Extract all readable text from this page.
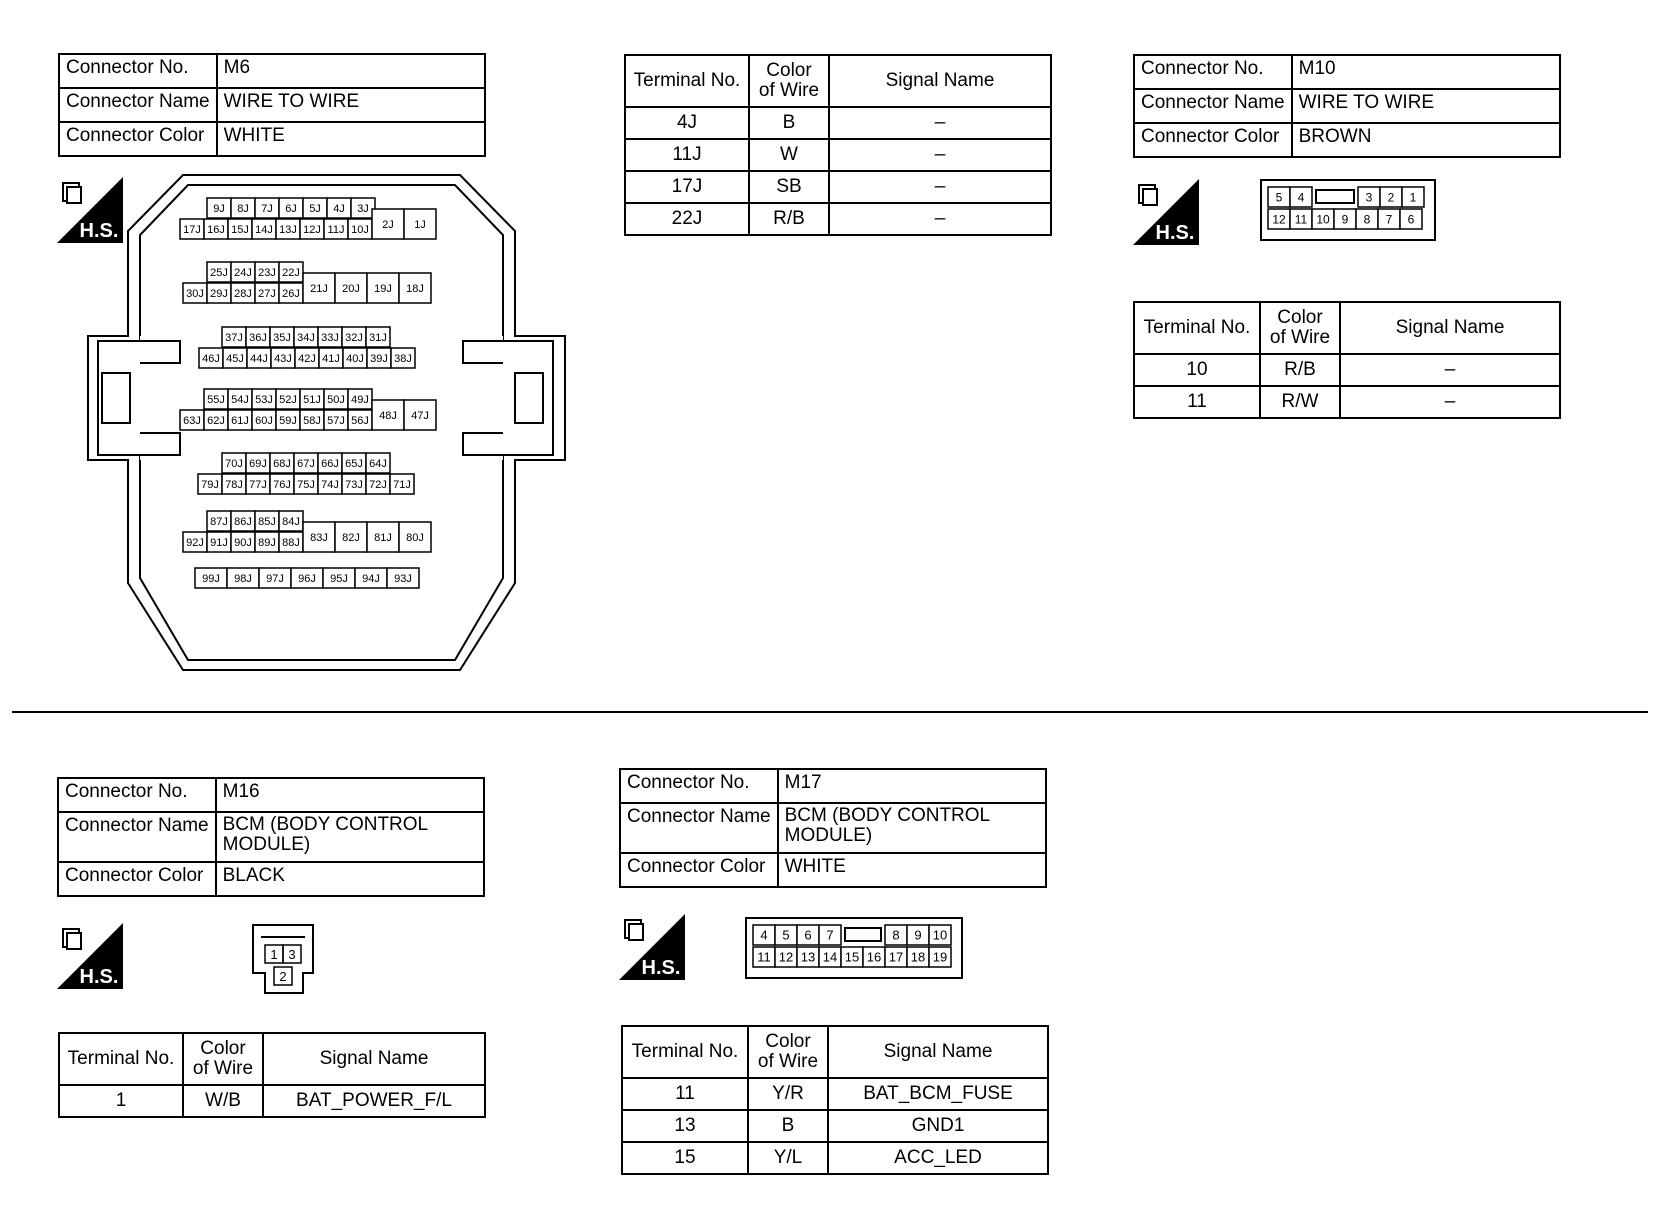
Connector No.	M6
Connector Name	WIRE TO WIRE
Connector Color	WHITE
H.S.
9J 8J 7J 6J 5J 4J 3J
17J 16J 15J 14J 13J 12J 11J 10J 2J 1J
25J 24J 23J 22J
30J 29J 28J 27J 26J 21J 20J 19J 18J
37J 36J 35J 34J 33J 32J 31J
46J 45J 44J 43J 42J 41J 40J 39J 38J
55J 54J 53J 52J 51J 50J 49J
63J 62J 61J 60J 59J 58J 57J 56J 48J 47J
70J 69J 68J 67J 66J 65J 64J
79J 78J 77J 76J 75J 74J 73J 72J 71J
87J 86J 85J 84J
92J 91J 90J 89J 88J 83J 82J 81J 80J
99J 98J 97J 96J 95J 94J 93J
Terminal No.	Color of Wire	Signal Name
4J	B	–
11J	W	–
17J	SB	–
22J	R/B	–
Connector No.	M10
Connector Name	WIRE TO WIRE
Connector Color	BROWN
H.S.
5 4	3 2 1
12 11 10 9 8 7 6
Terminal No.	Color of Wire	Signal Name
10	R/B	–
11	R/W	–
Connector No.	M16
Connector Name	BCM (BODY CONTROL MODULE)
Connector Color	BLACK
H.S.
1 3
2
Terminal No.	Color of Wire	Signal Name
1	W/B	BAT_POWER_F/L
Connector No.	M17
Connector Name	BCM (BODY CONTROL MODULE)
Connector Color	WHITE
H.S.
4 5 6 7	8 9 10
11 12 13 14 15 16 17 18 19
Terminal No.	Color of Wire	Signal Name
11	Y/R	BAT_BCM_FUSE
13	B	GND1
15	Y/L	ACC_LED
